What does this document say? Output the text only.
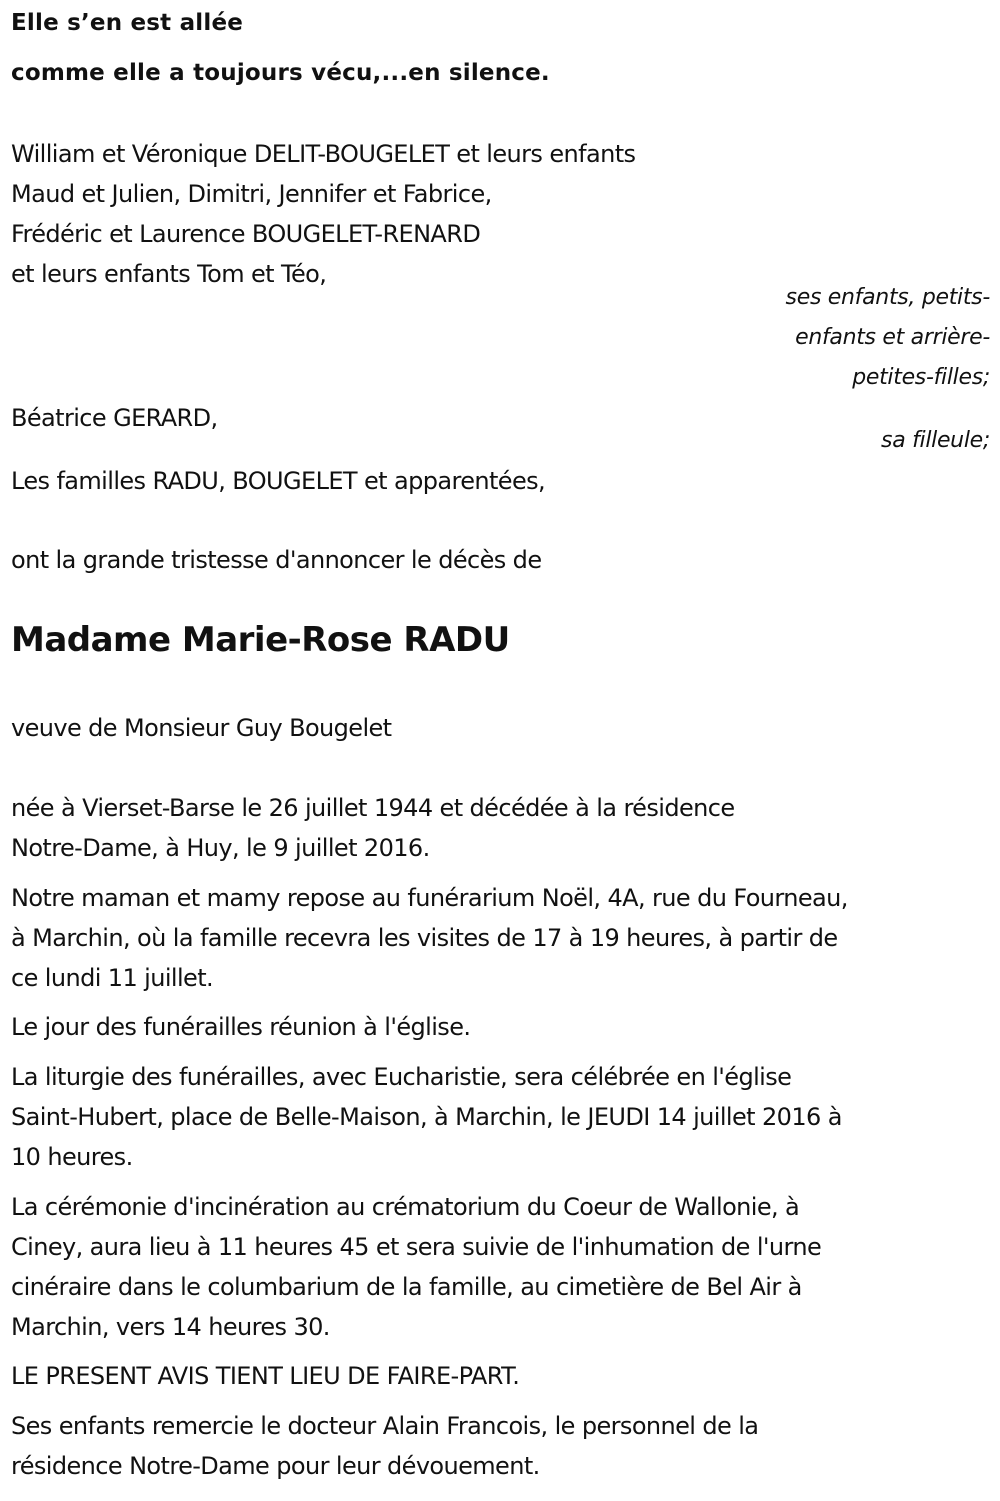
Elle s’en est allée
comme elle a toujours vécu,...en silence.
William et Véronique DELIT-BOUGELET et leurs enfants
Maud et Julien, Dimitri, Jennifer et Fabrice,
Frédéric et Laurence BOUGELET-RENARD
et leurs enfants Tom et Téo,
ses enfants, petits-
enfants et arrière-
petites-filles;
Béatrice GERARD,
sa filleule;
Les familles RADU, BOUGELET et apparentées,
ont la grande tristesse d'annoncer le décès de
Madame Marie-Rose RADU
veuve de Monsieur Guy Bougelet
née à Vierset-Barse le 26 juillet 1944 et décédée à la résidence
Notre-Dame, à Huy, le 9 juillet 2016.
Notre maman et mamy repose au funérarium Noël, 4A, rue du Fourneau,
à Marchin, où la famille recevra les visites de 17 à 19 heures, à partir de
ce lundi 11 juillet.
Le jour des funérailles réunion à l'église.
La liturgie des funérailles, avec Eucharistie, sera célébrée en l'église
Saint-Hubert, place de Belle-Maison, à Marchin, le JEUDI 14 juillet 2016 à
10 heures.
La cérémonie d'incinération au crématorium du Coeur de Wallonie, à
Ciney, aura lieu à 11 heures 45 et sera suivie de l'inhumation de l'urne
cinéraire dans le columbarium de la famille, au cimetière de Bel Air à
Marchin, vers 14 heures 30.
LE PRESENT AVIS TIENT LIEU DE FAIRE-PART.
Ses enfants remercie le docteur Alain Francois, le personnel de la
résidence Notre-Dame pour leur dévouement.
